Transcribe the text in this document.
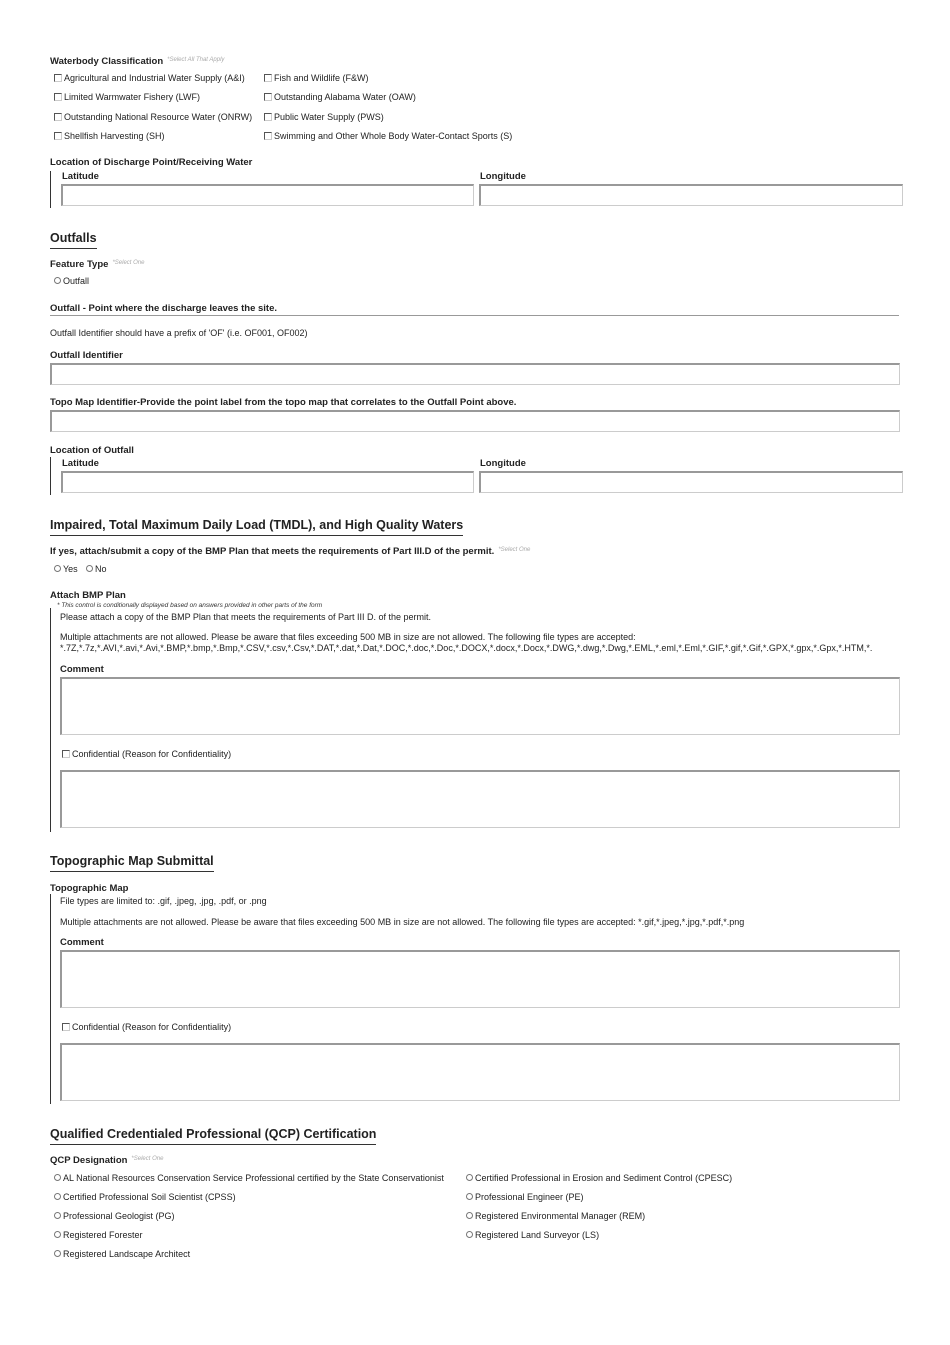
Waterbody Classification $^{*Select All That Apply}$
Agricultural and Industrial Water Supply (A&I)	Fish and Wildlife (F&W)
Limited Warmwater Fishery (LWF)	Outstanding Alabama Water (OAW)
Outstanding National Resource Water (ONRW)	Public Water Supply (PWS)
Shellfish Harvesting (SH)	Swimming and Other Whole Body Water-Contact Sports (S)
Location of Discharge Point/Receiving Water
Latitude	Longitude
Outfalls
Feature Type $^{*Select One}$
Outfall
Outfall - Point where the discharge leaves the site.
Outfall Identifier should have a prefix of 'OF' (i.e. OF001, OF002)
Outfall Identifier
Topo Map Identifier-Provide the point label from the topo map that correlates to the Outfall Point above.
Location of Outfall
Latitude	Longitude
Impaired, Total Maximum Daily Load (TMDL), and High Quality Waters
If yes, attach/submit a copy of the BMP Plan that meets the requirements of Part III.D of the permit. $^{*Select One}$
Yes	No
Attach BMP Plan
* This control is conditionally displayed based on answers provided in other parts of the form
Please attach a copy of the BMP Plan that meets the requirements of Part III D. of the permit.
Multiple attachments are not allowed. Please be aware that files exceeding 500 MB in size are not allowed. The following file types are accepted:
*.7Z,*.7z,*.AVI,*.avi,*.Avi,*.BMP,*.bmp,*.Bmp,*.CSV,*.csv,*.Csv,*.DAT,*.dat,*.Dat,*.DOC,*.doc,*.Doc,*.DOCX,*.docx,*.Docx,*.DWG,*.dwg,*.Dwg,*.EML,*.eml,*.Eml,*.GIF,*.gif,*.Gif,*.GPX,*.gpx,*.Gpx,*.HTM,*.
Comment
Confidential (Reason for Confidentiality)
Topographic Map Submittal
Topographic Map
File types are limited to: .gif, .jpeg, .jpg, .pdf, or .png
Multiple attachments are not allowed. Please be aware that files exceeding 500 MB in size are not allowed. The following file types are accepted: *.gif,*.jpeg,*.jpg,*.pdf,*.png
Comment
Confidential (Reason for Confidentiality)
Qualified Credentialed Professional (QCP) Certification
QCP Designation $^{*Select One}$
AL National Resources Conservation Service Professional certified by the State Conservationist	Certified Professional in Erosion and Sediment Control (CPESC)
Certified Professional Soil Scientist (CPSS)	Professional Engineer (PE)
Professional Geologist (PG)	Registered Environmental Manager (REM)
Registered Forester	Registered Land Surveyor (LS)
Registered Landscape Architect
